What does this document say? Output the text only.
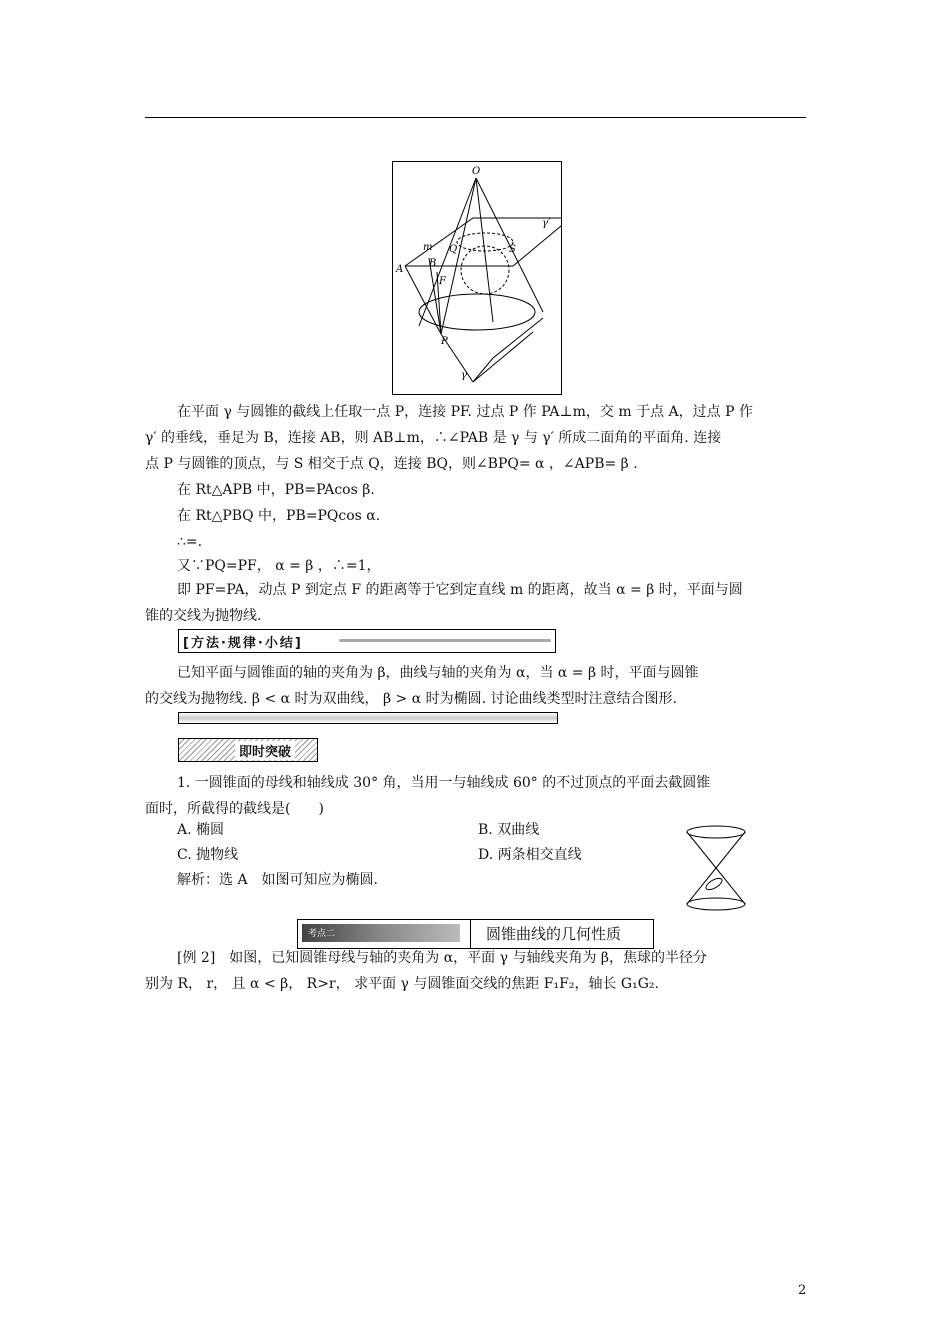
O
γ′
m Q	S
A
B
F
P
γ
在平面 γ 与圆锥的截线上任取一点 P，连接 PF. 过点 P 作 PA⊥m，交 m 于点 A，过点 P 作
γ′ 的垂线，垂足为 B，连接 AB，则 AB⊥m，∴∠PAB 是 γ 与 γ′ 所成二面角的平面角. 连接
点 P 与圆锥的顶点，与 S 相交于点 Q，连接 BQ，则∠BPQ= α ，∠APB= β .
在 Rt△APB 中，PB=PAcos β.
在 Rt△PBQ 中，PB=PQcos α.
∴=.
又∵PQ=PF， α = β ，∴=1，
即 PF=PA，动点 P 到定点 F 的距离等于它到定直线 m 的距离，故当 α = β 时，平面与圆
锥的交线为抛物线.
[方法·规律·小结]
已知平面与圆锥面的轴的夹角为 β，曲线与轴的夹角为 α，当 α = β 时，平面与圆锥
的交线为抛物线. β < α 时为双曲线， β > α 时为椭圆. 讨论曲线类型时注意结合图形.
即时突破
1. 一圆锥面的母线和轴线成 30° 角，当用一与轴线成 60° 的不过顶点的平面去截圆锥
面时，所截得的截线是(　　)
A. 椭圆	B. 双曲线
C. 抛物线	D. 两条相交直线
解析：选 A　如图可知应为椭圆.
考点二	圆锥曲线的几何性质
[例 2]　如图，已知圆锥母线与轴的夹角为 α，平面 γ 与轴线夹角为 β，焦球的半径分
别为 R， r， 且 α < β， R>r， 求平面 γ 与圆锥面交线的焦距 F₁F₂，轴长 G₁G₂.
2
